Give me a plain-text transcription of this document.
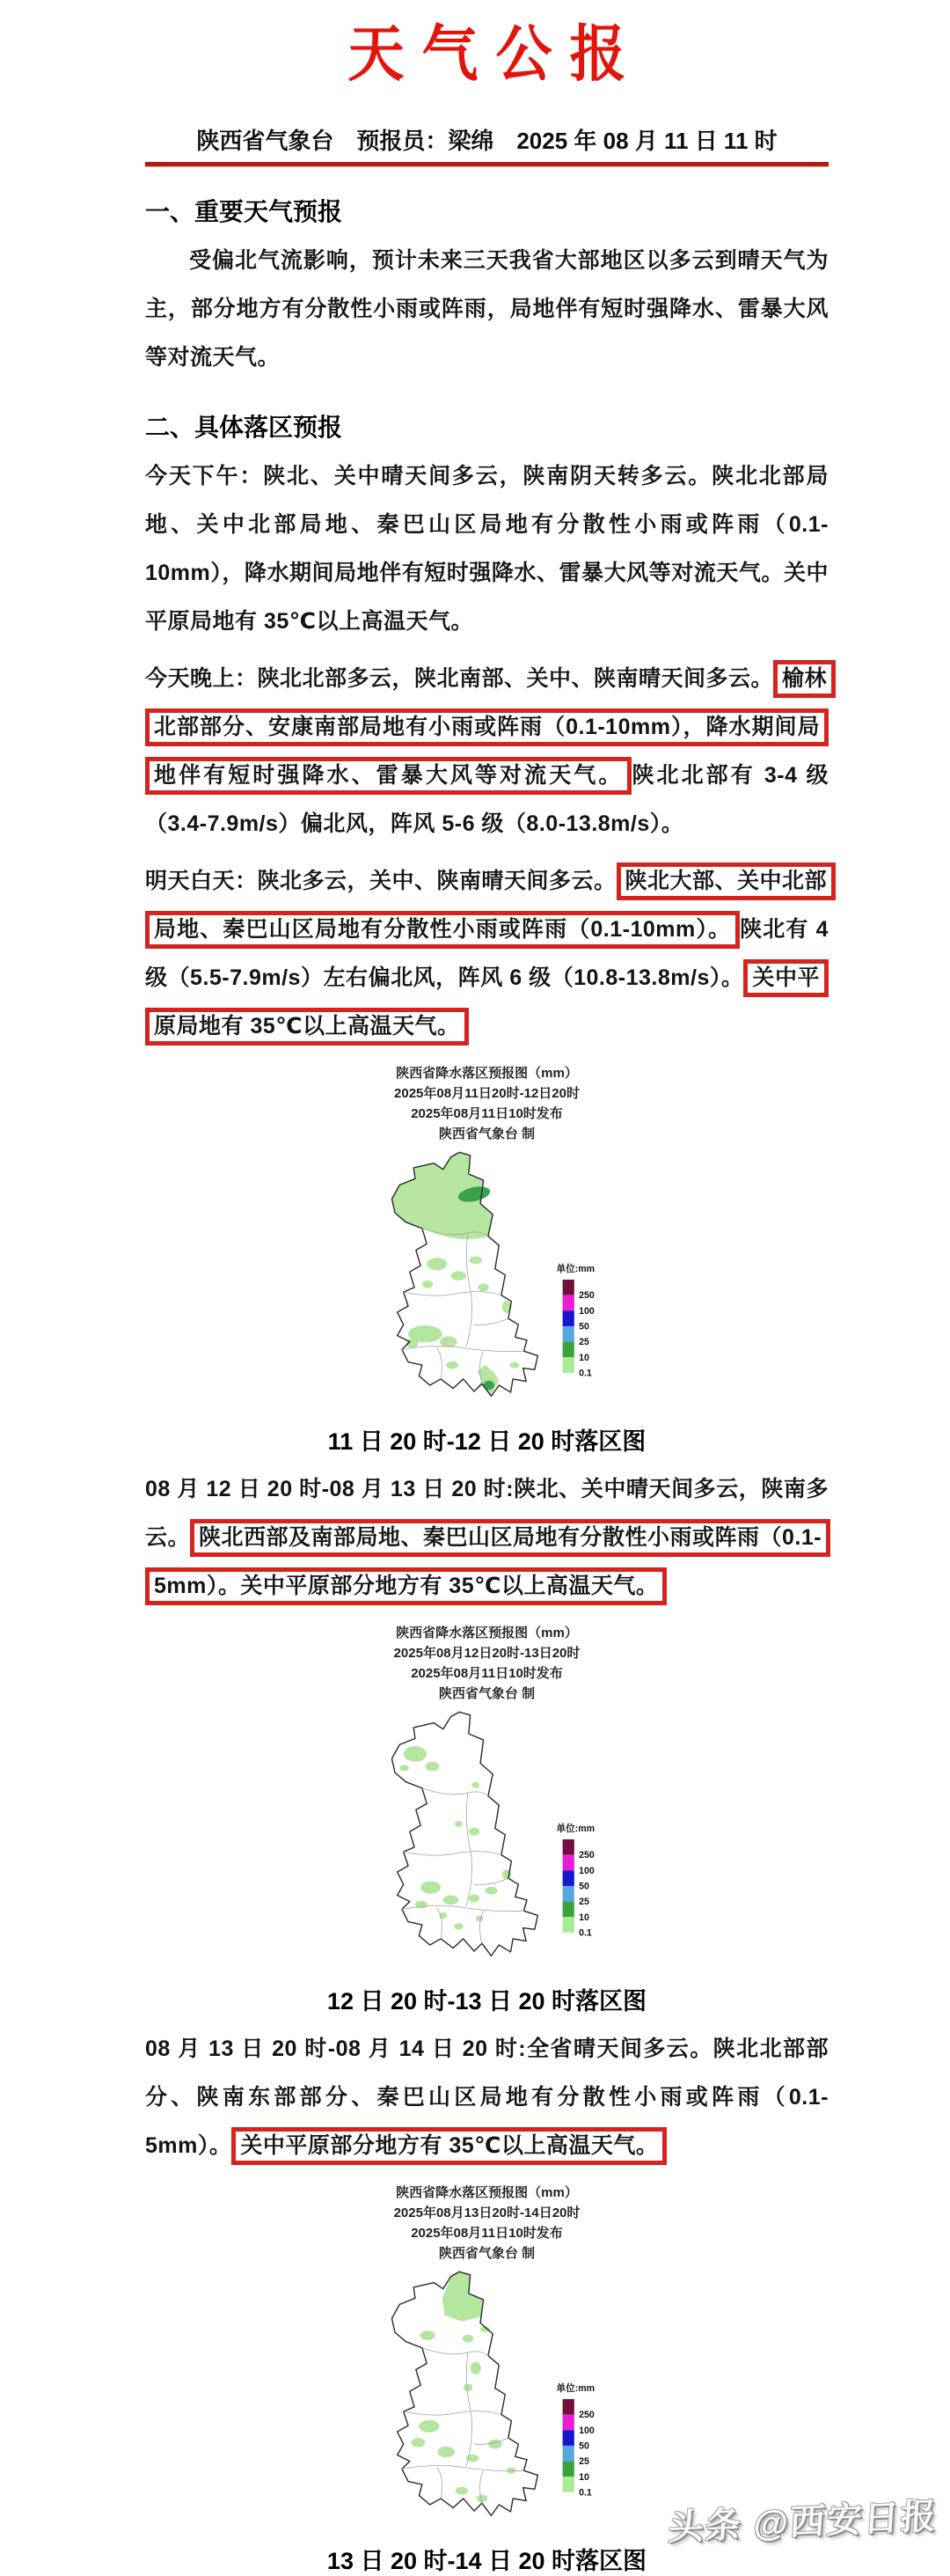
天气公报
陕西省气象台　预报员：梁绵　2025 年 08 月 11 日 11 时
一、重要天气预报

受偏北气流影响，预计未来三天我省大部地区以多云到晴天气为主，部分地方有分散性小雨或阵雨，局地伴有短时强降水、雷暴大风等对流天气。

二、具体落区预报

今天下午：陕北、关中晴天间多云，陕南阴天转多云。陕北北部局地、关中北部局地、秦巴山区局地有分散性小雨或阵雨（0.1-10mm），降水期间局地伴有短时强降水、雷暴大风等对流天气。关中平原局地有 35℃以上高温天气。

今天晚上：陕北北部多云，陕北南部、关中、陕南晴天间多云。 榆林北部部分、安康南部局地有小雨或阵雨（0.1-10mm），降水期间局地伴有短时强降水、雷暴大风等对流天气。 陕北北部有 3-4 级（3.4-7.9m/s）偏北风，阵风 5-6 级（8.0-13.8m/s）。

明天白天：陕北多云，关中、陕南晴天间多云。 陕北大部、关中北部局地、秦巴山区局地有分散性小雨或阵雨（0.1-10mm）。 陕北有 4 级（5.5-7.9m/s）左右偏北风，阵风 6 级（10.8-13.8m/s）。 关中平原局地有 35℃以上高温天气。

陕西省降水落区预报图（mm）
2025年08月11日20时-12日20时
2025年08月11日10时发布
陕西省气象台 制
单位:mm
250
100
50
25
10
0.1
11 日 20 时-12 日 20 时落区图

08 月 12 日 20 时-08 月 13 日 20 时:陕北、关中晴天间多云，陕南多云。 陕北西部及南部局地、秦巴山区局地有分散性小雨或阵雨（0.1-5mm）。关中平原部分地方有 35℃以上高温天气。

陕西省降水落区预报图（mm）
2025年08月12日20时-13日20时
2025年08月11日10时发布
陕西省气象台 制
单位:mm
250
100
50
25
10
0.1
12 日 20 时-13 日 20 时落区图

08 月 13 日 20 时-08 月 14 日 20 时:全省晴天间多云。陕北北部部分、陕南东部部分、秦巴山区局地有分散性小雨或阵雨（0.1-5mm）。 关中平原部分地方有 35℃以上高温天气。

陕西省降水落区预报图（mm）
2025年08月13日20时-14日20时
2025年08月11日10时发布
陕西省气象台 制
单位:mm
250
100
50
25
10
0.1
13 日 20 时-14 日 20 时落区图
头条 @西安日报
